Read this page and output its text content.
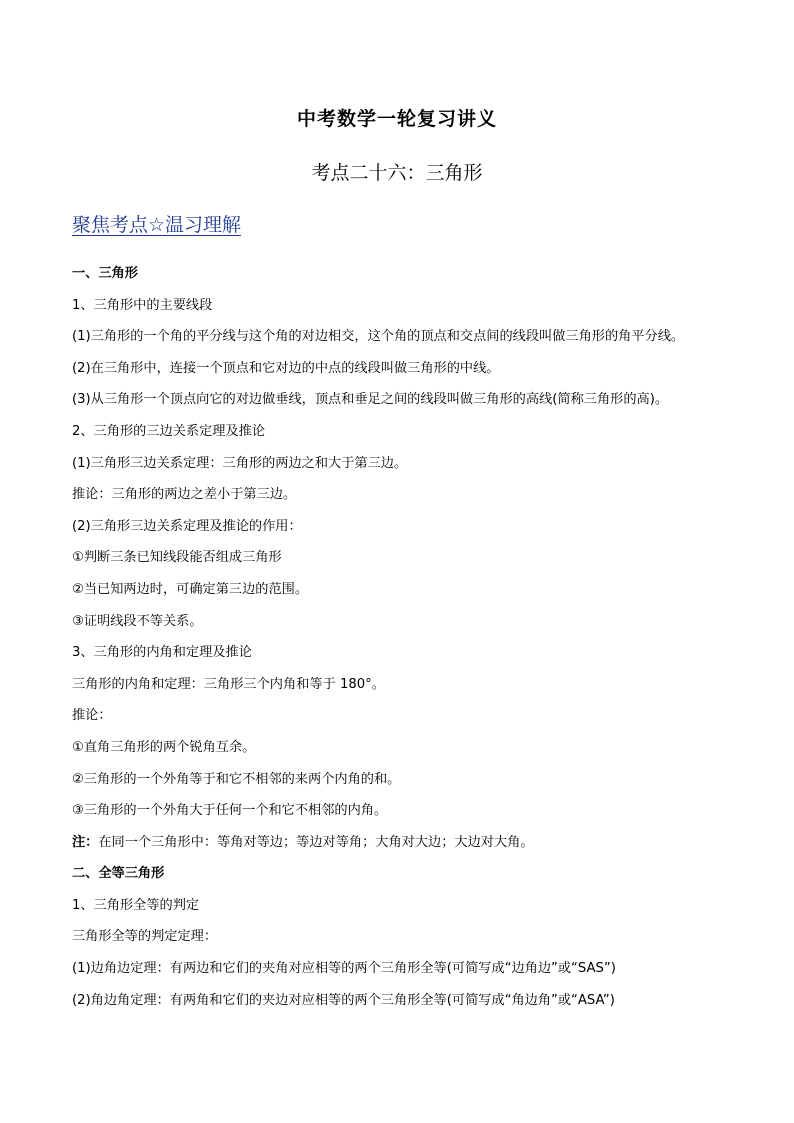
中考数学一轮复习讲义
考点二十六：三角形
聚焦考点☆温习理解
一、三角形
1、三角形中的主要线段
(1)三角形的一个角的平分线与这个角的对边相交，这个角的顶点和交点间的线段叫做三角形的角平分线。
(2)在三角形中，连接一个顶点和它对边的中点的线段叫做三角形的中线。
(3)从三角形一个顶点向它的对边做垂线，顶点和垂足之间的线段叫做三角形的高线(简称三角形的高)。
2、三角形的三边关系定理及推论
(1)三角形三边关系定理：三角形的两边之和大于第三边。
推论：三角形的两边之差小于第三边。
(2)三角形三边关系定理及推论的作用：
①判断三条已知线段能否组成三角形
②当已知两边时，可确定第三边的范围。
③证明线段不等关系。
3、三角形的内角和定理及推论
三角形的内角和定理：三角形三个内角和等于 180°。
推论：
①直角三角形的两个锐角互余。
②三角形的一个外角等于和它不相邻的来两个内角的和。
③三角形的一个外角大于任何一个和它不相邻的内角。
注：在同一个三角形中：等角对等边；等边对等角；大角对大边；大边对大角。
二、全等三角形
1、三角形全等的判定
三角形全等的判定定理：
(1)边角边定理：有两边和它们的夹角对应相等的两个三角形全等(可简写成“边角边”或“SAS”)
(2)角边角定理：有两角和它们的夹边对应相等的两个三角形全等(可简写成“角边角”或“ASA”)
